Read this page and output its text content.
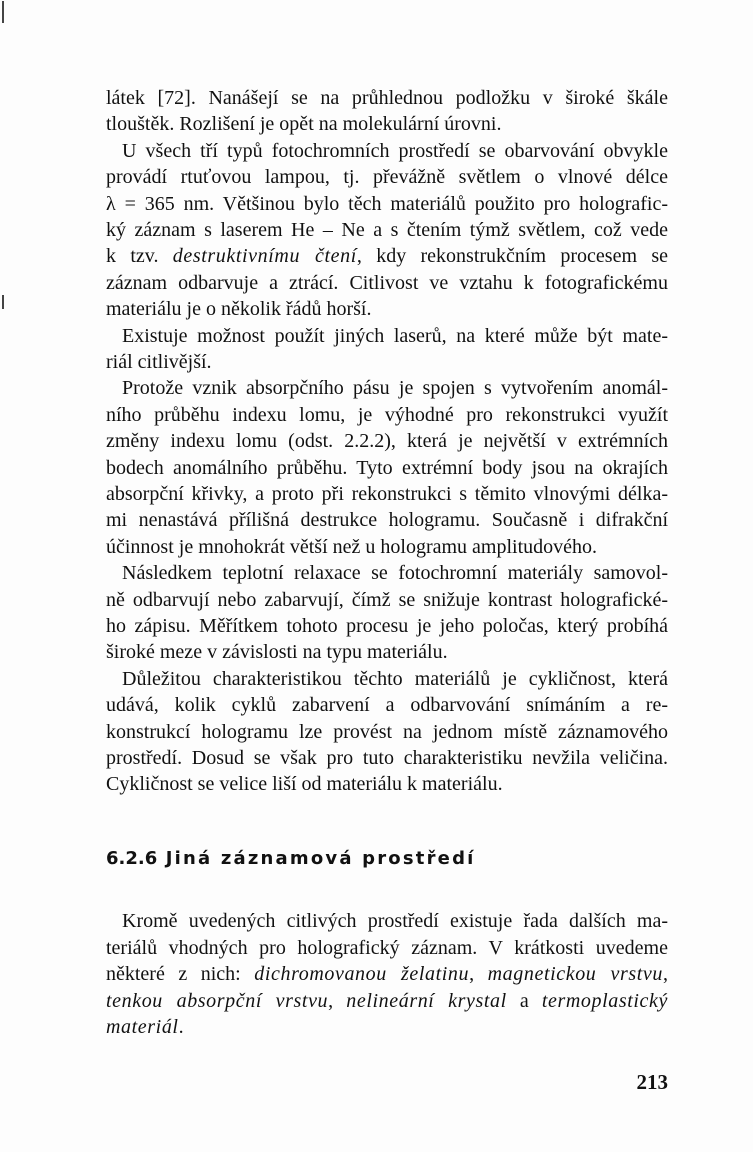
látek [72]. Nanášejí se na průhlednou podložku v široké škále
tlouštěk. Rozlišení je opět na molekulární úrovni.
U všech tří typů fotochromních prostředí se obarvování obvykle
provádí rtuťovou lampou, tj. převážně světlem o vlnové délce
λ = 365 nm. Většinou bylo těch materiálů použito pro holografic-
ký záznam s laserem He – Ne a s čtením týmž světlem, což vede
k tzv. destruktivnímu čtení, kdy rekonstrukčním procesem se
záznam odbarvuje a ztrácí. Citlivost ve vztahu k fotografickému
materiálu je o několik řádů horší.
Existuje možnost použít jiných laserů, na které může být mate-
riál citlivější.
Protože vznik absorpčního pásu je spojen s vytvořením anomál-
ního průběhu indexu lomu, je výhodné pro rekonstrukci využít
změny indexu lomu (odst. 2.2.2), která je největší v extrémních
bodech anomálního průběhu. Tyto extrémní body jsou na okrajích
absorpční křivky, a proto při rekonstrukci s těmito vlnovými délka-
mi nenastává přílišná destrukce hologramu. Současně i difrakční
účinnost je mnohokrát větší než u hologramu amplitudového.
Následkem teplotní relaxace se fotochromní materiály samovol-
ně odbarvují nebo zabarvují, čímž se snižuje kontrast holografické-
ho zápisu. Měřítkem tohoto procesu je jeho poločas, který probíhá
široké meze v závislosti na typu materiálu.
Důležitou charakteristikou těchto materiálů je cykličnost, která
udává, kolik cyklů zabarvení a odbarvování snímáním a re-
konstrukcí hologramu lze provést na jednom místě záznamového
prostředí. Dosud se však pro tuto charakteristiku nevžila veličina.
Cykličnost se velice liší od materiálu k materiálu.
6.2.6 Jiná záznamová prostředí
Kromě uvedených citlivých prostředí existuje řada dalších ma-
teriálů vhodných pro holografický záznam. V krátkosti uvedeme
některé z nich: dichromovanou želatinu, magnetickou vrstvu,
tenkou absorpční vrstvu, nelineární krystal a termoplastický
materiál.
213
